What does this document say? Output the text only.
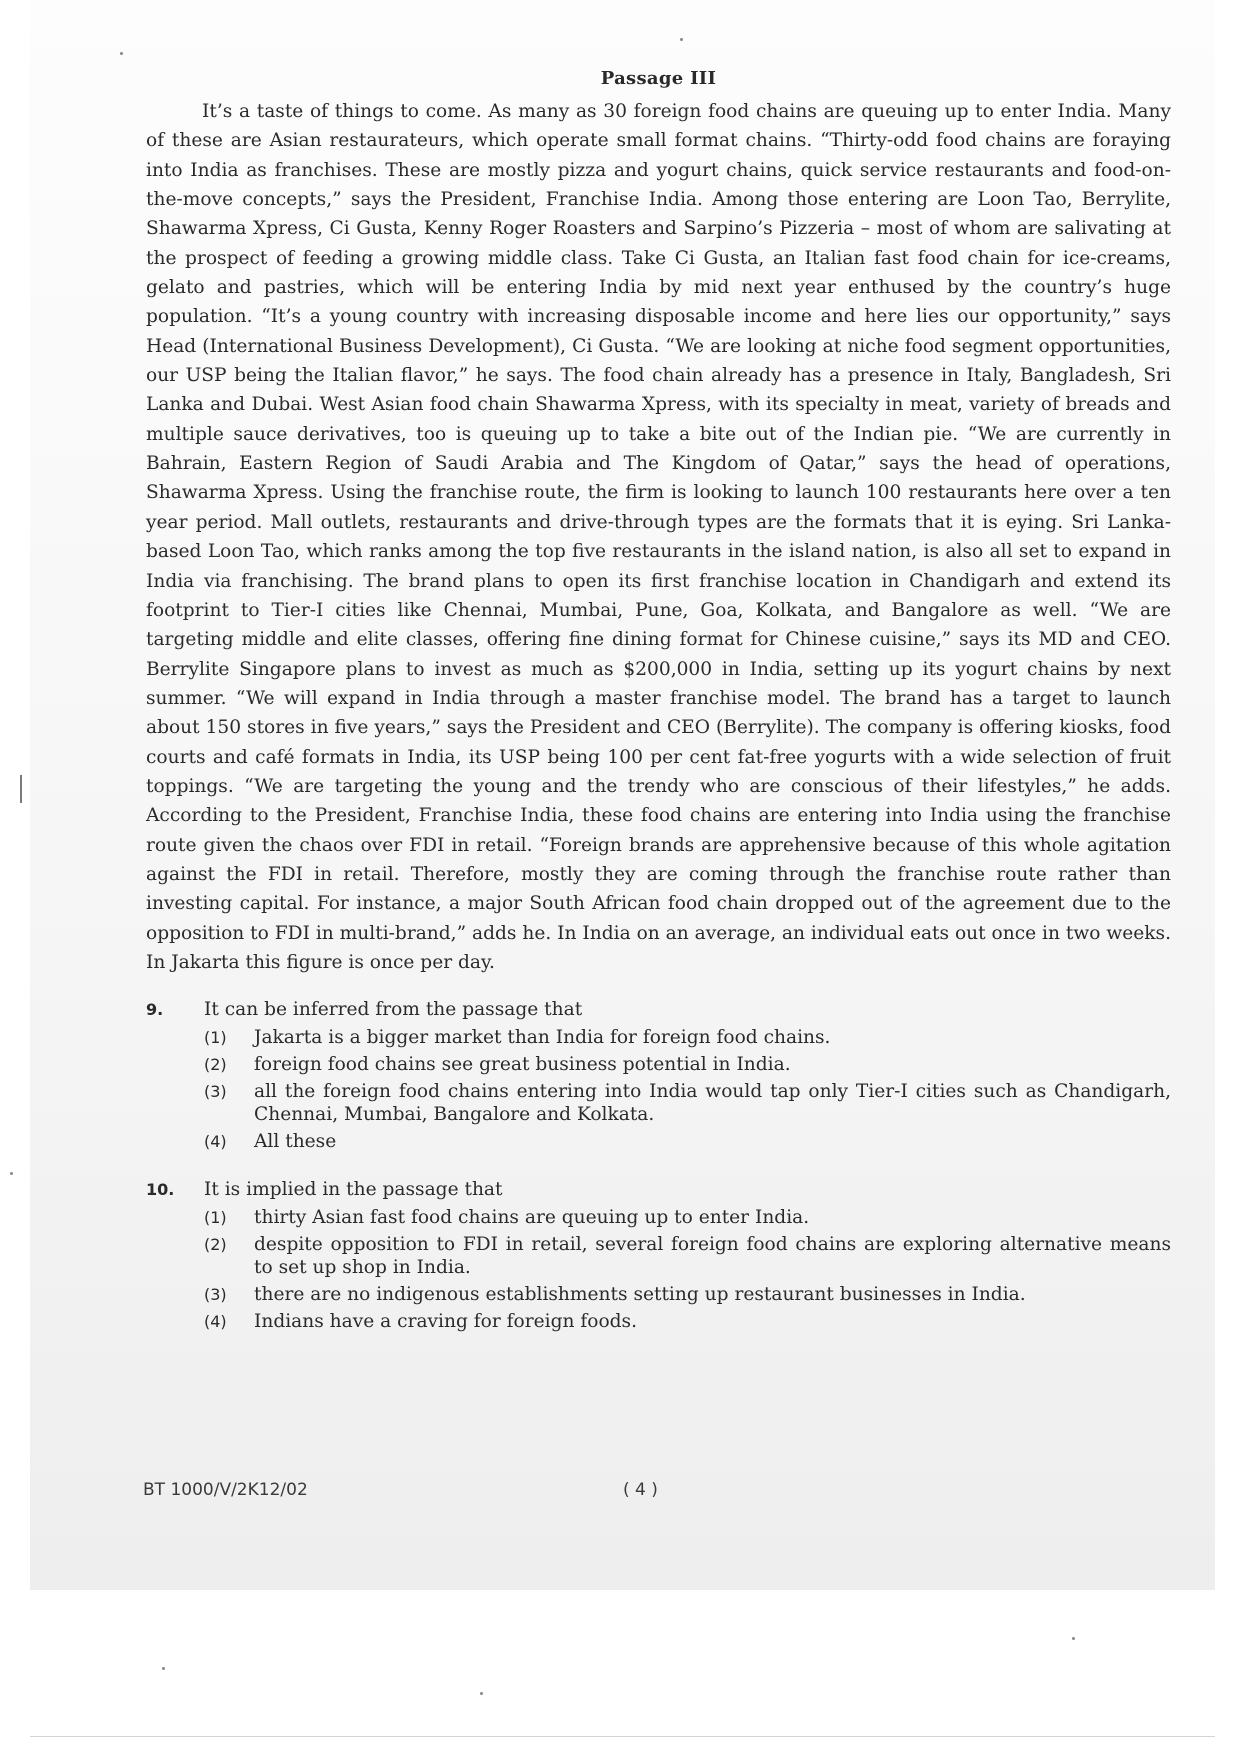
Passage III

It’s a taste of things to come. As many as 30 foreign food chains are queuing up to enter India. Many of these are Asian restaurateurs, which operate small format chains. “Thirty-odd food chains are foraying into India as franchises. These are mostly pizza and yogurt chains, quick service restaurants and food-on-the-move concepts,” says the President, Franchise India. Among those entering are Loon Tao, Berrylite, Shawarma Xpress, Ci Gusta, Kenny Roger Roasters and Sarpino’s Pizzeria – most of whom are salivating at the prospect of feeding a growing middle class. Take Ci Gusta, an Italian fast food chain for ice-creams, gelato and pastries, which will be entering India by mid next year enthused by the country’s huge population. “It’s a young country with increasing disposable income and here lies our opportunity,” says Head (International Business Development), Ci Gusta. “We are looking at niche food segment opportunities, our USP being the Italian flavor,” he says. The food chain already has a presence in Italy, Bangladesh, Sri Lanka and Dubai. West Asian food chain Shawarma Xpress, with its specialty in meat, variety of breads and multiple sauce derivatives, too is queuing up to take a bite out of the Indian pie. “We are currently in Bahrain, Eastern Region of Saudi Arabia and The Kingdom of Qatar,” says the head of operations, Shawarma Xpress. Using the franchise route, the firm is looking to launch 100 restaurants here over a ten year period. Mall outlets, restaurants and drive-through types are the formats that it is eying. Sri Lanka-based Loon Tao, which ranks among the top five restaurants in the island nation, is also all set to expand in India via franchising. The brand plans to open its first franchise location in Chandigarh and extend its footprint to Tier-I cities like Chennai, Mumbai, Pune, Goa, Kolkata, and Bangalore as well. “We are targeting middle and elite classes, offering fine dining format for Chinese cuisine,” says its MD and CEO. Berrylite Singapore plans to invest as much as $200,000 in India, setting up its yogurt chains by next summer. “We will expand in India through a master franchise model. The brand has a target to launch about 150 stores in five years,” says the President and CEO (Berrylite). The company is offering kiosks, food courts and café formats in India, its USP being 100 per cent fat-free yogurts with a wide selection of fruit toppings. “We are targeting the young and the trendy who are conscious of their lifestyles,” he adds. According to the President, Franchise India, these food chains are entering into India using the franchise route given the chaos over FDI in retail. “Foreign brands are apprehensive because of this whole agitation against the FDI in retail. Therefore, mostly they are coming through the franchise route rather than investing capital. For instance, a major South African food chain dropped out of the agreement due to the opposition to FDI in multi-brand,” adds he. In India on an average, an individual eats out once in two weeks. In Jakarta this figure is once per day.

9.	It can be inferred from the passage that

(1)	Jakarta is a bigger market than India for foreign food chains.
(2)	foreign food chains see great business potential in India.
(3)	all the foreign food chains entering into India would tap only Tier-I cities such as Chandigarh, Chennai, Mumbai, Bangalore and Kolkata.
(4)	All these
10.	It is implied in the passage that

(1)	thirty Asian fast food chains are queuing up to enter India.
(2)	despite opposition to FDI in retail, several foreign food chains are exploring alternative means to set up shop in India.
(3)	there are no indigenous establishments setting up restaurant businesses in India.
(4)	Indians have a craving for foreign foods.
BT 1000/V/2K12/02	( 4 )
